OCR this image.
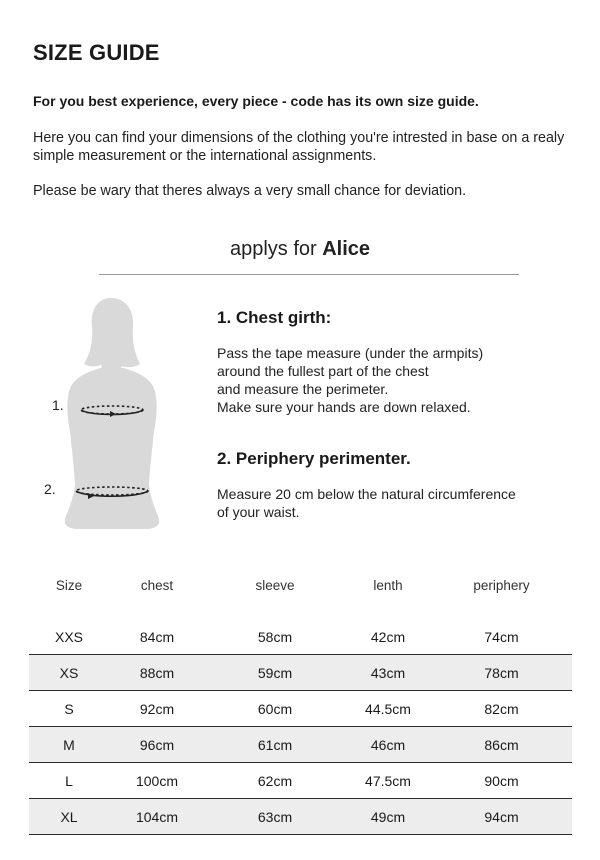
SIZE GUIDE
For you best experience, every piece - code has its own size guide.
Here you can find your dimensions of the clothing you're intrested in base on a realy simple measurement or the international assignments.
Please be wary that theres always a very small chance for deviation.
applys for Alice
1.
2.
1. Chest girth:
Pass the tape measure (under the armpits)
around the fullest part of the chest
and measure the perimeter.
Make sure your hands are down relaxed.
2. Periphery perimenter.
Measure 20 cm below the natural circumference
of your waist.
Size	chest	sleeve	lenth	periphery
XXS	84cm	58cm	42cm	74cm
XS	88cm	59cm	43cm	78cm
S	92cm	60cm	44.5cm	82cm
M	96cm	61cm	46cm	86cm
L	100cm	62cm	47.5cm	90cm
XL	104cm	63cm	49cm	94cm
